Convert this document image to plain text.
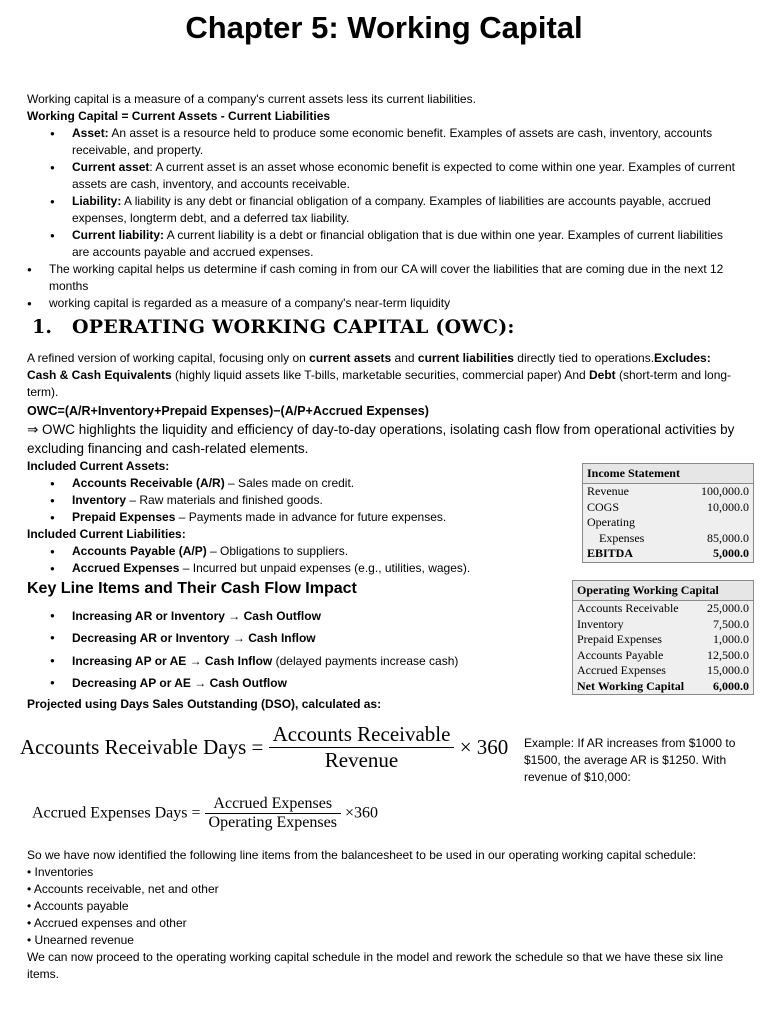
Chapter 5: Working Capital
Working capital is a measure of a company's current assets less its current liabilities.
Working Capital = Current Assets - Current Liabilities
● Asset: An asset is a resource held to produce some economic benefit. Examples of assets are cash, inventory, accounts receivable, and property.
● Current asset: A current asset is an asset whose economic benefit is expected to come within one year. Examples of current assets are cash, inventory, and accounts receivable.
● Liability: A liability is any debt or financial obligation of a company. Examples of liabilities are accounts payable, accrued expenses, longterm debt, and a deferred tax liability.
● Current liability: A current liability is a debt or financial obligation that is due within one year. Examples of current liabilities are accounts payable and accrued expenses.
● The working capital helps us determine if cash coming in from our CA will cover the liabilities that are coming due in the next 12 months
● working capital is regarded as a measure of a company's near-term liquidity
1. OPERATING WORKING CAPITAL (OWC):
A refined version of working capital, focusing only on current assets and current liabilities directly tied to operations.Excludes: Cash & Cash Equivalents (highly liquid assets like T-bills, marketable securities, commercial paper) And Debt (short-term and long-term).
OWC=(A/R+Inventory+Prepaid Expenses)−(A/P+Accrued Expenses)
⇒ OWC highlights the liquidity and efficiency of day-to-day operations, isolating cash flow from operational activities by excluding financing and cash-related elements.
Included Current Assets:
● Accounts Receivable (A/R) – Sales made on credit.
● Inventory – Raw materials and finished goods.
● Prepaid Expenses – Payments made in advance for future expenses.
Included Current Liabilities:
● Accounts Payable (A/P) – Obligations to suppliers.
● Accrued Expenses – Incurred but unpaid expenses (e.g., utilities, wages).
Income Statement
Revenue	100,000.0
COGS	10,000.0
Operating
Expenses	85,000.0
EBITDA	5,000.0
Operating Working Capital
Accounts Receivable 25,000.0
Inventory	7,500.0
Prepaid Expenses	1,000.0
Accounts Payable	12,500.0
Accrued Expenses	15,000.0
Net Working Capital 6,000.0
Key Line Items and Their Cash Flow Impact
● Increasing AR or Inventory → Cash Outflow
● Decreasing AR or Inventory → Cash Inflow
● Increasing AP or AE → Cash Inflow (delayed payments increase cash)
● Decreasing AP or AE → Cash Outflow
Projected using Days Sales Outstanding (DSO), calculated as:
Accounts Receivable Days = $\frac{\text{Accounts Receivable}}{\text{Revenue}} \times 360$ Example: If AR increases from $1000 to $1500, the average AR is $1250. With revenue of $10,000:
Accrued Expenses Days = $\frac{\text{Accrued Expenses}}{\text{Operating Expenses}} \times 360$
So we have now identified the following line items from the balancesheet to be used in our operating working capital schedule:
• Inventories
• Accounts receivable, net and other
• Accounts payable
• Accrued expenses and other
• Unearned revenue
We can now proceed to the operating working capital schedule in the model and rework the schedule so that we have these six line items.
